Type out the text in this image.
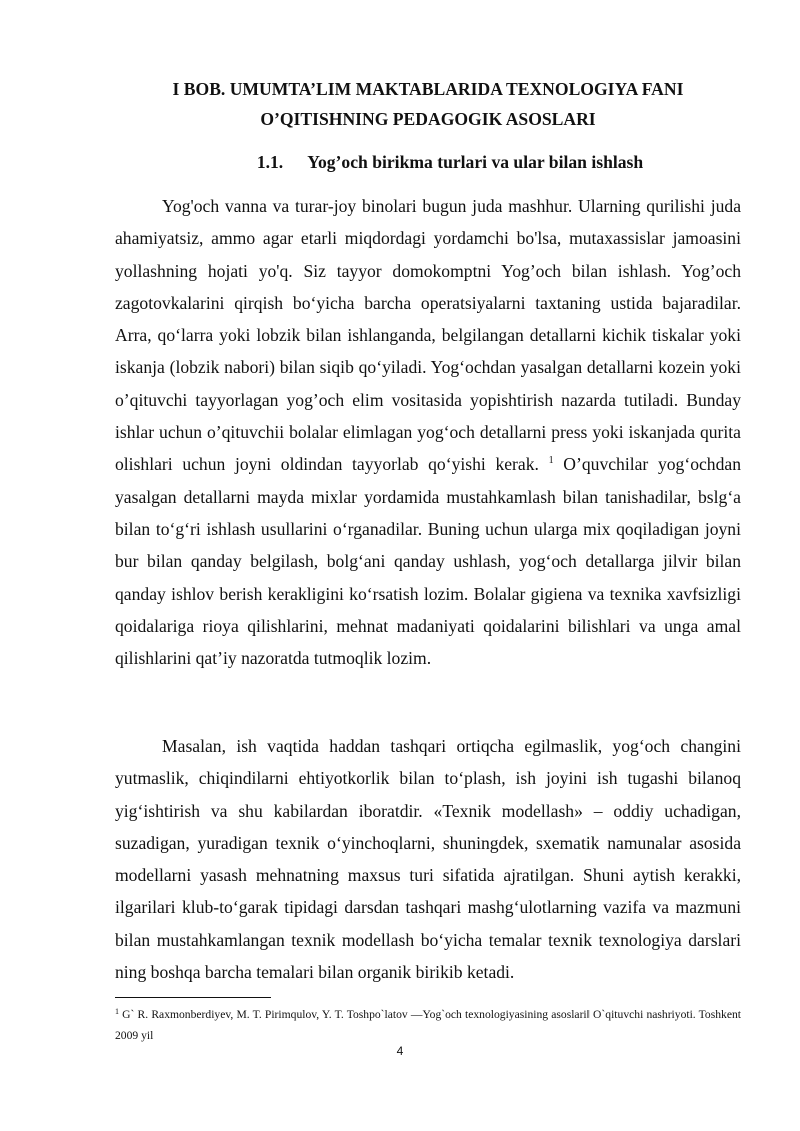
I BOB. UMUMTA’LIM MAKTABLARIDA TEXNOLOGIYA FANI
O’QITISHNING PEDAGOGIK ASOSLARI
1.1. Yog’och birikma turlari va ular bilan ishlash

Yog'och vanna va turar-joy binolari bugun juda mashhur. Ularning qurilishi juda ahamiyatsiz, ammo agar etarli miqdordagi yordamchi bo'lsa, mutaxassislar jamoasini yollashning hojati yo'q. Siz tayyor domokomptni Yog’och bilan ishlash. Yog’och zagotovkalarini qirqish bo‘yicha barcha operatsiyalarni taxtaning ustida bajaradilar. Arra, qo‘larra yoki lobzik bilan ishlanganda, belgilangan detallarni kichik tiskalar yoki iskanja (lobzik nabori) bilan siqib qo‘yiladi. Yog‘ochdan yasalgan detallarni kozein yoki o’qituvchi tayyorlagan yog’och elim vositasida yopishtirish nazarda tutiladi. Bunday ishlar uchun o’qituvchii bolalar elimlagan yog‘och detallarni press yoki iskanjada qurita olishlari uchun joyni oldindan tayyorlab qo‘yishi kerak. $^1$ O’quvchilar yog‘ochdan yasalgan detallarni mayda mixlar yordamida mustahkamlash bilan tanishadilar, bslg‘a bilan to‘g‘ri ishlash usullarini o‘rganadilar. Buning uchun ularga mix qoqiladigan joyni bur bilan qanday belgilash, bolg‘ani qanday ushlash, yog‘och detallarga jilvir bilan qanday ishlov berish kerakligini ko‘rsatish lozim. Bolalar gigiena va texnika xavfsizligi qoidalariga rioya qilishlarini, mehnat madaniyati qoidalarini bilishlari va unga amal qilishlarini qat’iy nazoratda tutmoqlik lozim.

Masalan, ish vaqtida haddan tashqari ortiqcha egilmaslik, yog‘och changini yutmaslik, chiqindilarni ehtiyotkorlik bilan to‘plash, ish joyini ish tugashi bilanoq yig‘ishtirish va shu kabilardan iboratdir. «Texnik modellash» – oddiy uchadigan, suzadigan, yuradigan texnik o‘yinchoqlarni, shuningdek, sxematik namunalar asosida modellarni yasash mehnatning maxsus turi sifatida ajratilgan. Shuni aytish kerakki, ilgarilari klub-to‘garak tipidagi darsdan tashqari mashg‘ulotlarning vazifa va mazmuni bilan mustahkamlangan texnik modellash bo‘yicha temalar texnik texnologiya darslari ning boshqa barcha temalari bilan organik birikib ketadi.

$^1$ G` R. Raxmonberdiyev, M. T. Pirimqulov, Y. T. Toshpo`latov ―Yog`och texnologiyasining asoslari‖ O`qituvchi nashriyoti. Toshkent 2009 yil
4
